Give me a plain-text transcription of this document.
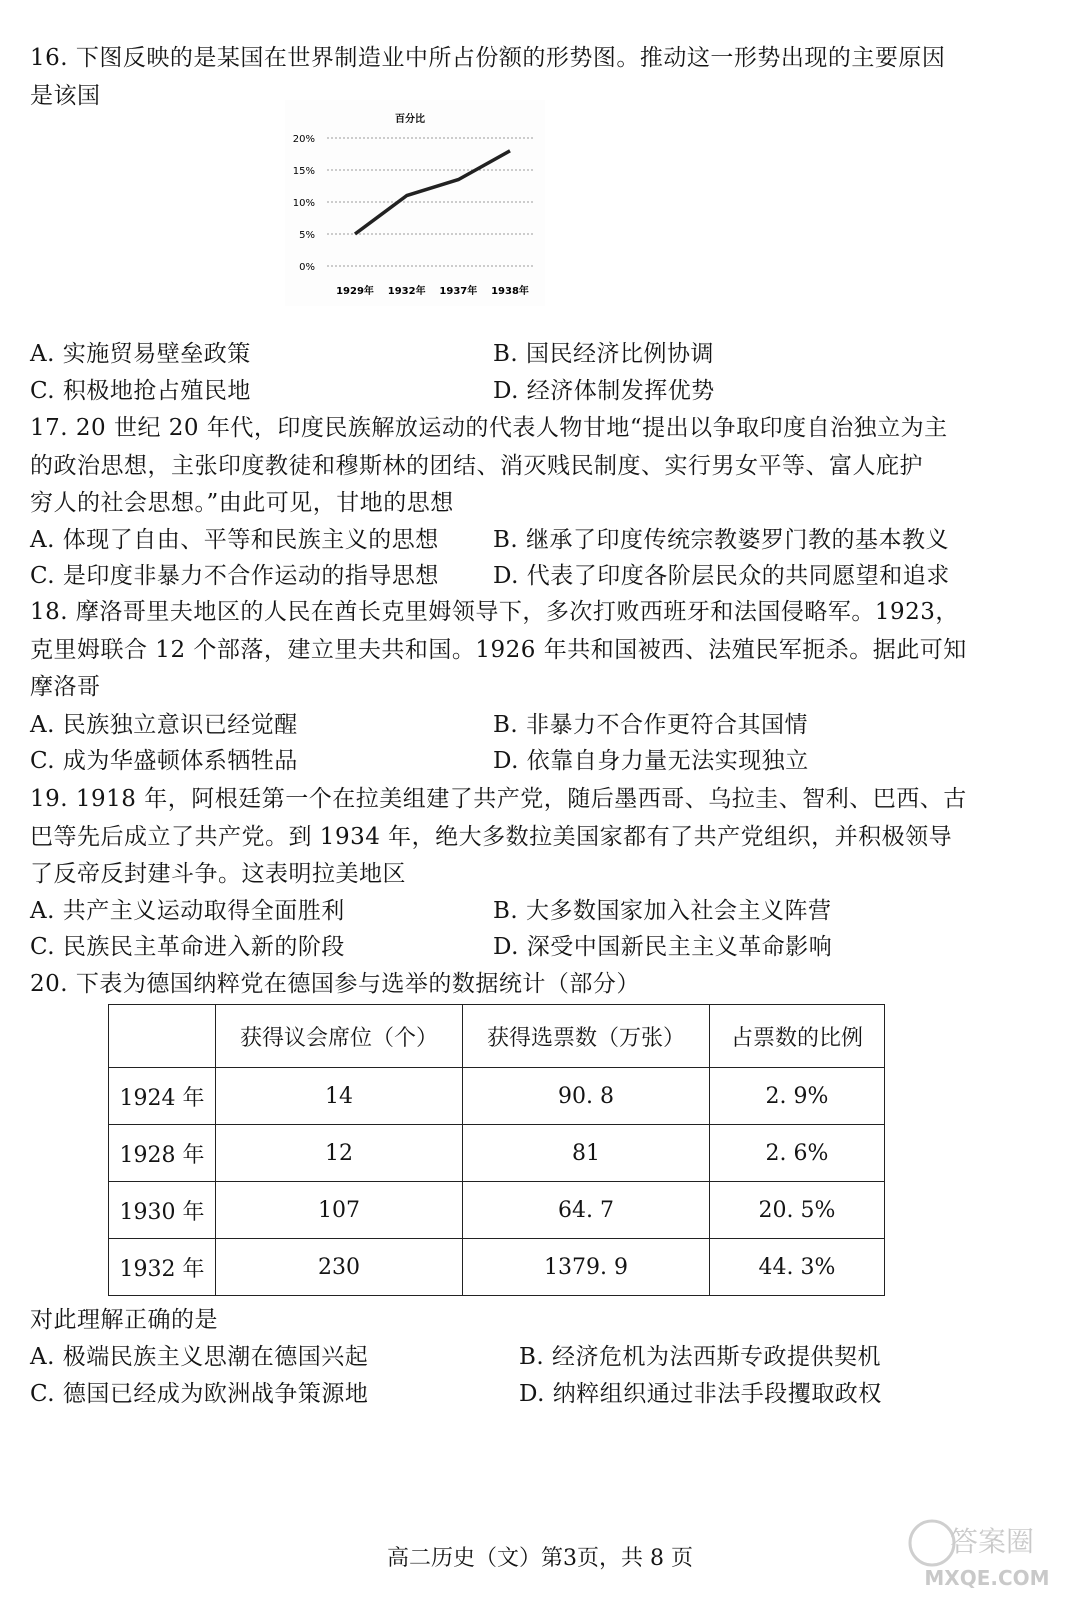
16. 下图反映的是某国在世界制造业中所占份额的形势图。推动这一形势出现的主要原因
是该国
百分比
20%
15%
10%
5%
0%
1929年 1932年 1937年 1938年
A. 实施贸易壁垒政策	B. 国民经济比例协调
C. 积极地抢占殖民地	D. 经济体制发挥优势
17. 20 世纪 20 年代，印度民族解放运动的代表人物甘地“提出以争取印度自治独立为主
的政治思想，主张印度教徒和穆斯林的团结、消灭贱民制度、实行男女平等、富人庇护
穷人的社会思想。”由此可见，甘地的思想
A. 体现了自由、平等和民族主义的思想 B. 继承了印度传统宗教婆罗门教的基本教义
C. 是印度非暴力不合作运动的指导思想 D. 代表了印度各阶层民众的共同愿望和追求
18. 摩洛哥里夫地区的人民在酋长克里姆领导下，多次打败西班牙和法国侵略军。1923，
克里姆联合 12 个部落，建立里夫共和国。1926 年共和国被西、法殖民军扼杀。据此可知
摩洛哥
A. 民族独立意识已经觉醒	B. 非暴力不合作更符合其国情
C. 成为华盛顿体系牺牲品	D. 依靠自身力量无法实现独立
19. 1918 年，阿根廷第一个在拉美组建了共产党，随后墨西哥、乌拉圭、智利、巴西、古
巴等先后成立了共产党。到 1934 年，绝大多数拉美国家都有了共产党组织，并积极领导
了反帝反封建斗争。这表明拉美地区
A. 共产主义运动取得全面胜利	B. 大多数国家加入社会主义阵营
C. 民族民主革命进入新的阶段	D. 深受中国新民主主义革命影响
20. 下表为德国纳粹党在德国参与选举的数据统计（部分）
	获得议会席位（个）	获得选票数（万张）	占票数的比例
1924 年	14	90. 8	2. 9%
1928 年	12	81	2. 6%
1930 年	107	64. 7	20. 5%
1932 年	230	1379. 9	44. 3%
对此理解正确的是
A. 极端民族主义思潮在德国兴起	B. 经济危机为法西斯专政提供契机
C. 德国已经成为欧洲战争策源地	D. 纳粹组织通过非法手段攫取政权
高二历史（文）第3页，共 8 页
答案圈
MXQE.COM
